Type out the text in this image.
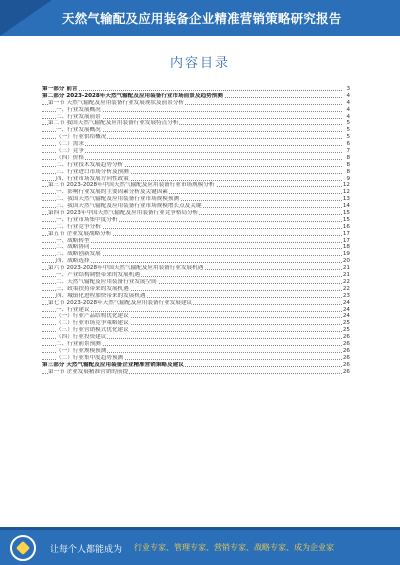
天然气输配及应用装备企业精准营销策略研究报告
内容目录
第一部分 前言	3
第二部分 2023-2028年天然气输配及应用装备行业市场前景及趋势预测	4
第一节 天然气输配及应用装备行业发展现状及前景分析	4
一、行业发展概况	4
二、行业发展前景	4
第二节 我国天然气输配及应用装备行业发展特点分析	5
一、行业发展概况	5
（一）行业供给概况	5
（二）需求	6
（三）竞争	7
（四）价格	8
二、行业技术发展趋势分析	8
三、行业进口市场分析及预测	8
四、行业市场发展方向性政策	9
第三节 2023-2028年中国天然气输配及应用装备行业市场规模分析	12
一、影响行业发展的主要因素分析及关键因素	12
二、我国天然气输配及应用装备行业市场规模预测	13
三、我国天然气输配及应用装备行业市场规模增长点及关键	14
第四节 2023年中国天然气输配及应用装备行业竞争格局分析	15
一、行业市场集中度分析	15
二、行业竞争分析	16
第五节 企业发展战略分析	17
一、战略转型	17
二、战略协同	18
三、战略创新发展	19
四、战略选择	20
第六节 2023-2028年中国天然气输配及应用装备行业发展机遇	21
一、产业结构调整带来的发展机遇	21
二、天然气输配及应用装备行业发展空间	22
三、政策扶持带来的发展机遇	22
四、城镇化进程加快带来的发展机遇	23
第七节 2023-2028年天然气输配及应用装备行业发展建议	24
一、行业建议	24
（一）行业产品结构优化建议	24
（二）行业市场竞争策略建议	25
（三）行业营销模式优化建议	25
（四）行业投资建议	26
二、行业前景预测	26
（一）行业规模预测	26
（二）行业集中度趋势预测	26
第三部分 天然气输配及应用装备企业精准营销策略及建议	26
第一节 企业发展精准营销的前提	26
让每个人都能成为 行业专家、管理专家、营销专家、战略专家、成为企业家
